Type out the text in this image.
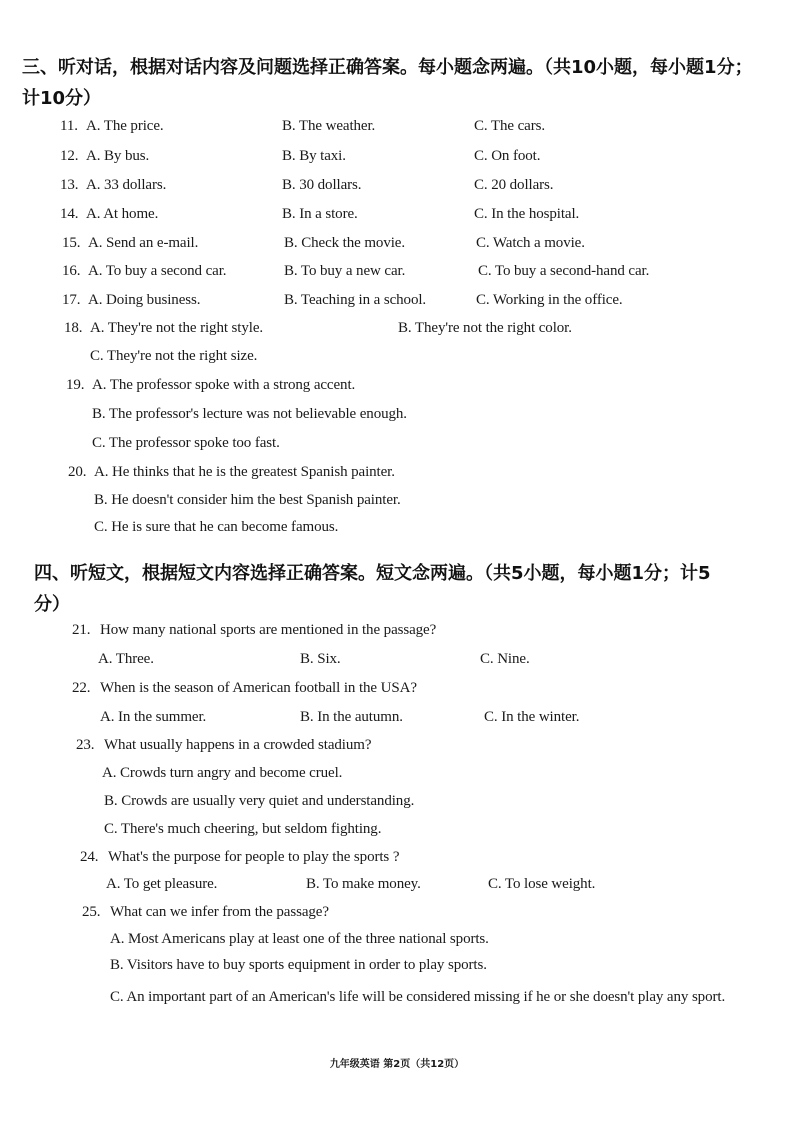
三、听对话，根据对话内容及问题选择正确答案。每小题念两遍。（共10小题，每小题1分；计10分）
11. A. The price.	B. The weather.	C. The cars.
12. A. By bus.	B. By taxi.	C. On foot.
13. A. 33 dollars.	B. 30 dollars.	C. 20 dollars.
14. A. At home.	B. In a store.	C. In the hospital.
15. A. Send an e-mail.	B. Check the movie.	C. Watch a movie.
16. A. To buy a second car.	B. To buy a new car.	C. To buy a second-hand car.
17. A. Doing business.	B. Teaching in a school.	C. Working in the office.
18. A. They're not the right style.	B. They're not the right color.
C. They're not the right size.
19. A. The professor spoke with a strong accent.
B. The professor's lecture was not believable enough.
C. The professor spoke too fast.
20. A. He thinks that he is the greatest Spanish painter.
B. He doesn't consider him the best Spanish painter.
C. He is sure that he can become famous.
四、听短文，根据短文内容选择正确答案。短文念两遍。（共5小题，每小题1分；计5分）
21. How many national sports are mentioned in the passage?
A. Three.	B. Six.	C. Nine.
22. When is the season of American football in the USA?
A. In the summer.	B. In the autumn.	C. In the winter.
23. What usually happens in a crowded stadium?
A. Crowds turn angry and become cruel.
B. Crowds are usually very quiet and understanding.
C. There's much cheering, but seldom fighting.
24. What's the purpose for people to play the sports ?
A. To get pleasure.	B. To make money.	C. To lose weight.
25. What can we infer from the passage?
A. Most Americans play at least one of the three national sports.
B. Visitors have to buy sports equipment in order to play sports.
C. An important part of an American's life will be considered missing if he or she doesn't play any sport.
九年级英语 第2页（共12页）
